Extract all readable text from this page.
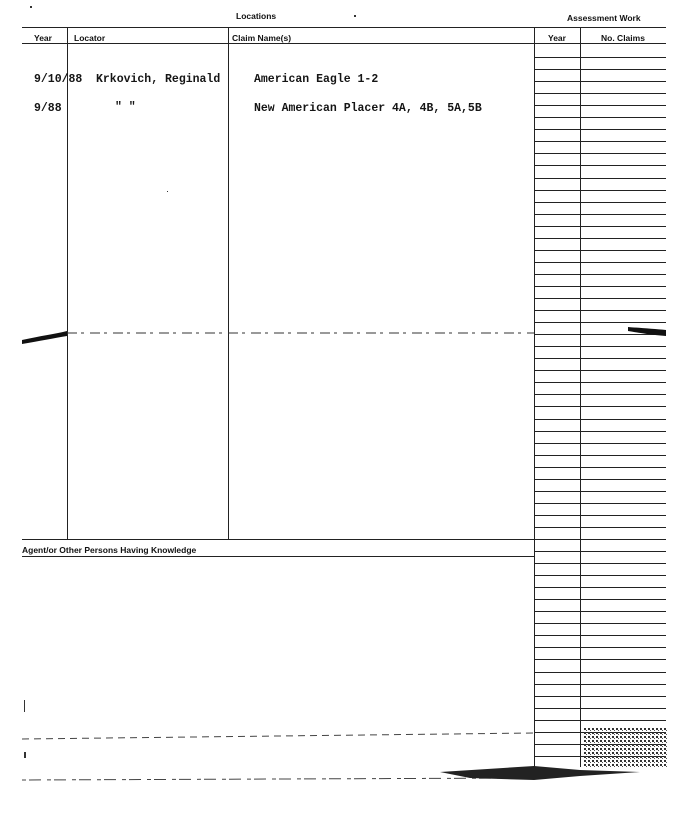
Locations	Assessment Work
Year	Locator	Claim Name(s)	Year	No. Claims
9/10/88 Krkovich, Reginald	American Eagle 1-2
9/88	" "	New American Placer 4A, 4B, 5A,5B
Agent/or Other Persons Having Knowledge
